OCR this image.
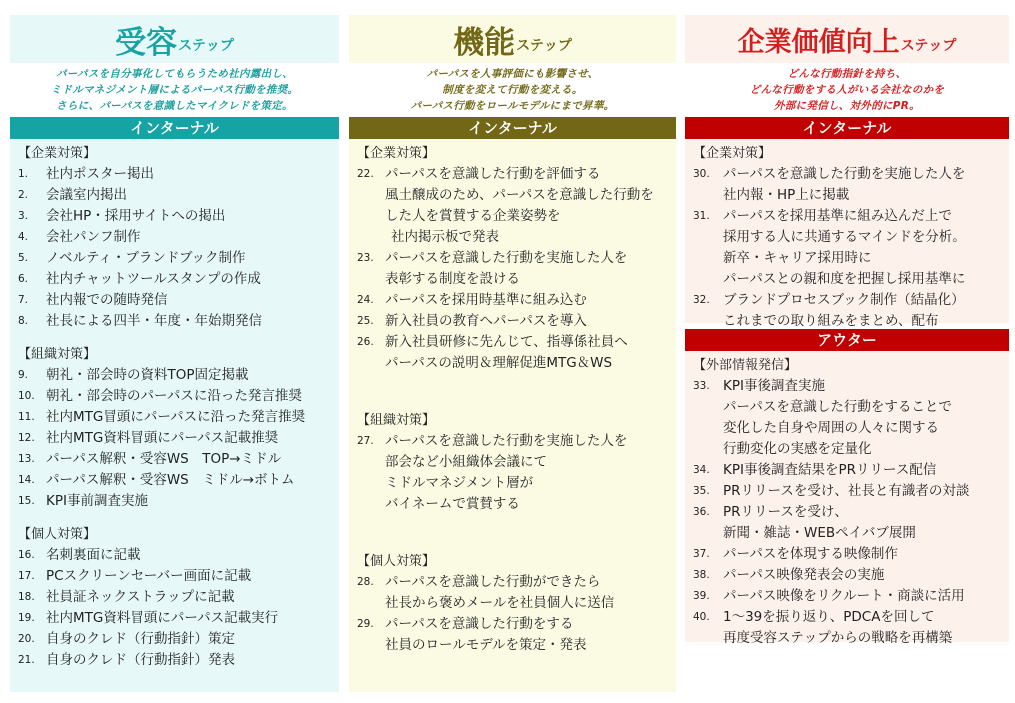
受容 ステップ
パーパスを自分事化してもらうため社内露出し、
ミドルマネジメント層によるパーパス行動を推奨。
さらに、パーパスを意識したマイクレドを策定。
インターナル
【企業対策】
1.	社内ポスター掲出
2.	会議室内掲出
3.	会社HP・採用サイトへの掲出
4.	会社パンフ制作
5.	ノベルティ・ブランドブック制作
6.	社内チャットツールスタンプの作成
7.	社内報での随時発信
8.	社長による四半・年度・年始期発信
【組織対策】
9.	朝礼・部会時の資料TOP固定掲載
10. 朝礼・部会時のパーパスに沿った発言推奨
11. 社内MTG冒頭にパーパスに沿った発言推奨
12. 社内MTG資料冒頭にパーパス記載推奨
13. パーパス解釈・受容WS　TOP→ミドル
14. パーパス解釈・受容WS　ミドル→ボトム
15. KPI事前調査実施
【個人対策】
16. 名刺裏面に記載
17. PCスクリーンセーバー画面に記載
18. 社員証ネックストラップに記載
19. 社内MTG資料冒頭にパーパス記載実行
20. 自身のクレド（行動指針）策定
21. 自身のクレド（行動指針）発表
機能 ステップ
パーパスを人事評価にも影響させ、
制度を変えて行動を変える。
パーパス行動をロールモデルにまで昇華。
インターナル
【企業対策】
22. パーパスを意識した行動を評価する
風土醸成のため、パーパスを意識した行動を
した人を賞賛する企業姿勢を
社内掲示板で発表
23. パーパスを意識した行動を実施した人を
表彰する制度を設ける
24. パーパスを採用時基準に組み込む
25. 新入社員の教育へパーパスを導入
26. 新入社員研修に先んじて、指導係社員へ
パーパスの説明＆理解促進MTG＆WS
【組織対策】
27. パーパスを意識した行動を実施した人を
部会など小組織体会議にて
ミドルマネジメント層が
バイネームで賞賛する
【個人対策】
28. パーパスを意識した行動ができたら
社長から褒めメールを社員個人に送信
29. パーパスを意識した行動をする
社員のロールモデルを策定・発表
企業価値向上 ステップ
どんな行動指針を持ち、
どんな行動をする人がいる会社なのかを
外部に発信し、対外的にPR。
インターナル
【企業対策】
30. パーパスを意識した行動を実施した人を
社内報・HP上に掲載
31. パーパスを採用基準に組み込んだ上で
採用する人に共通するマインドを分析。
新卒・キャリア採用時に
パーパスとの親和度を把握し採用基準に
32. ブランドプロセスブック制作（結晶化）
これまでの取り組みをまとめ、配布
アウター
【外部情報発信】
33. KPI事後調査実施
パーパスを意識した行動をすることで
変化した自身や周囲の人々に関する
行動変化の実感を定量化
34. KPI事後調査結果をPRリリース配信
35. PRリリースを受け、社長と有識者の対談
36. PRリリースを受け、
新聞・雑誌・WEBペイバブ展開
37. パーパスを体現する映像制作
38. パーパス映像発表会の実施
39. パーパス映像をリクルート・商談に活用
40. 1～39を振り返り、PDCAを回して
再度受容ステップからの戦略を再構築
